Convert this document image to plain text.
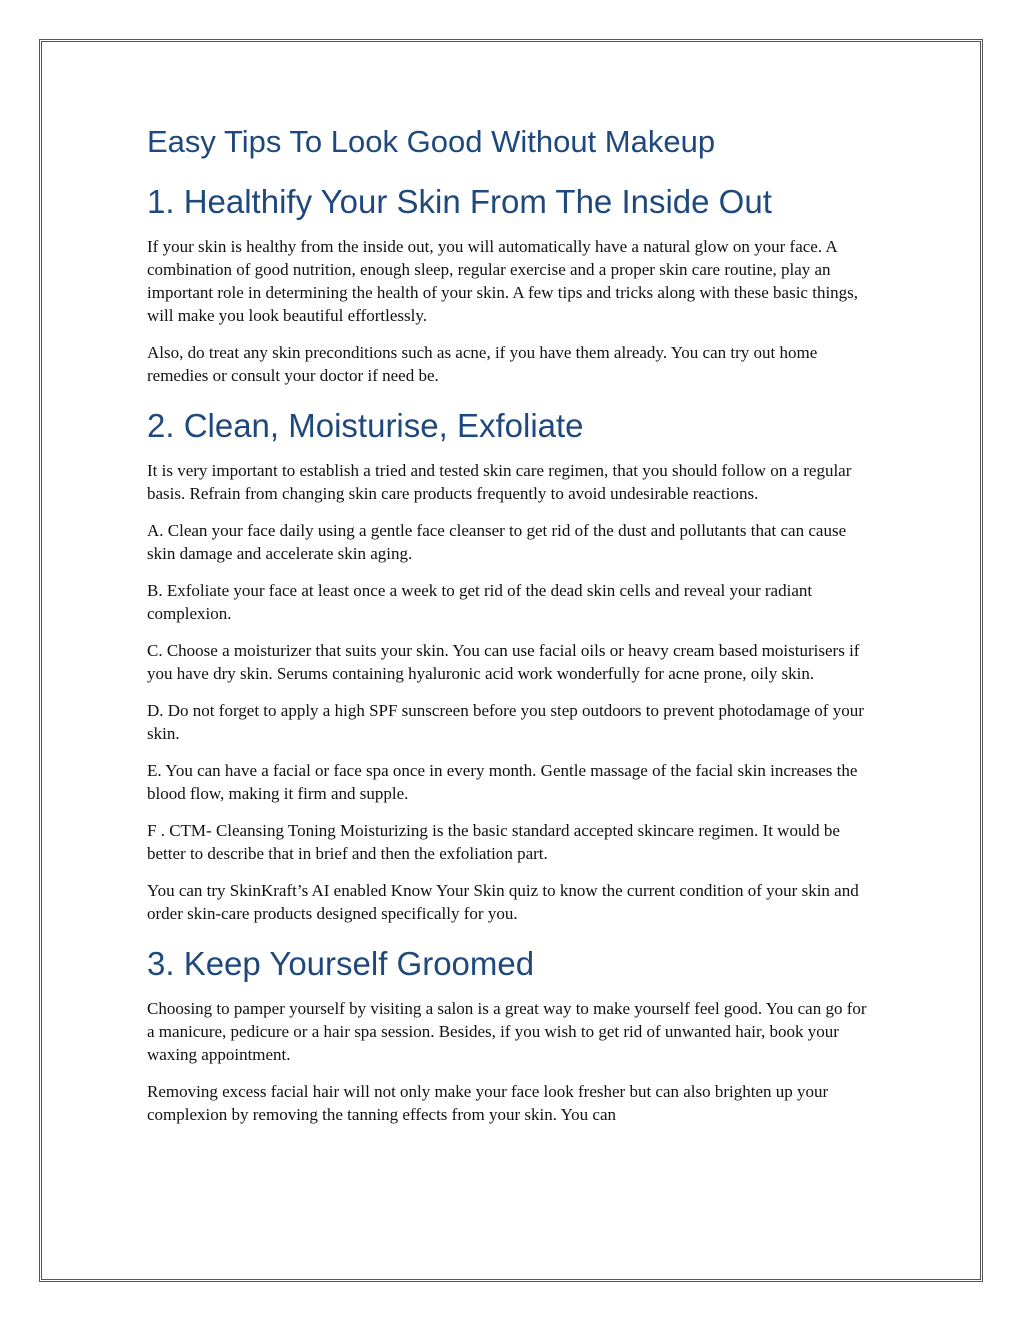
Easy Tips To Look Good Without Makeup
1. Healthify Your Skin From The Inside Out

If your skin is healthy from the inside out, you will automatically have a natural glow on your face. A combination of good nutrition, enough sleep, regular exercise and a proper skin care routine, play an important role in determining the health of your skin. A few tips and tricks along with these basic things, will make you look beautiful effortlessly.

Also, do treat any skin preconditions such as acne, if you have them already. You can try out home remedies or consult your doctor if need be.

2. Clean, Moisturise, Exfoliate

It is very important to establish a tried and tested skin care regimen, that you should follow on a regular basis. Refrain from changing skin care products frequently to avoid undesirable reactions.

A. Clean your face daily using a gentle face cleanser to get rid of the dust and pollutants that can cause skin damage and accelerate skin aging.

B. Exfoliate your face at least once a week to get rid of the dead skin cells and reveal your radiant complexion.

C. Choose a moisturizer that suits your skin. You can use facial oils or heavy cream based moisturisers if you have dry skin. Serums containing hyaluronic acid work wonderfully for acne prone, oily skin.

D. Do not forget to apply a high SPF sunscreen before you step outdoors to prevent photodamage of your skin.

E. You can have a facial or face spa once in every month. Gentle massage of the facial skin increases the blood flow, making it firm and supple.

F . CTM- Cleansing Toning Moisturizing is the basic standard accepted skincare regimen. It would be better to describe that in brief and then the exfoliation part.

You can try SkinKraft’s AI enabled Know Your Skin quiz to know the current condition of your skin and order skin-care products designed specifically for you.

3. Keep Yourself Groomed

Choosing to pamper yourself by visiting a salon is a great way to make yourself feel good. You can go for a manicure, pedicure or a hair spa session. Besides, if you wish to get rid of unwanted hair, book your waxing appointment.

Removing excess facial hair will not only make your face look fresher but can also brighten up your complexion by removing the tanning effects from your skin. You can
